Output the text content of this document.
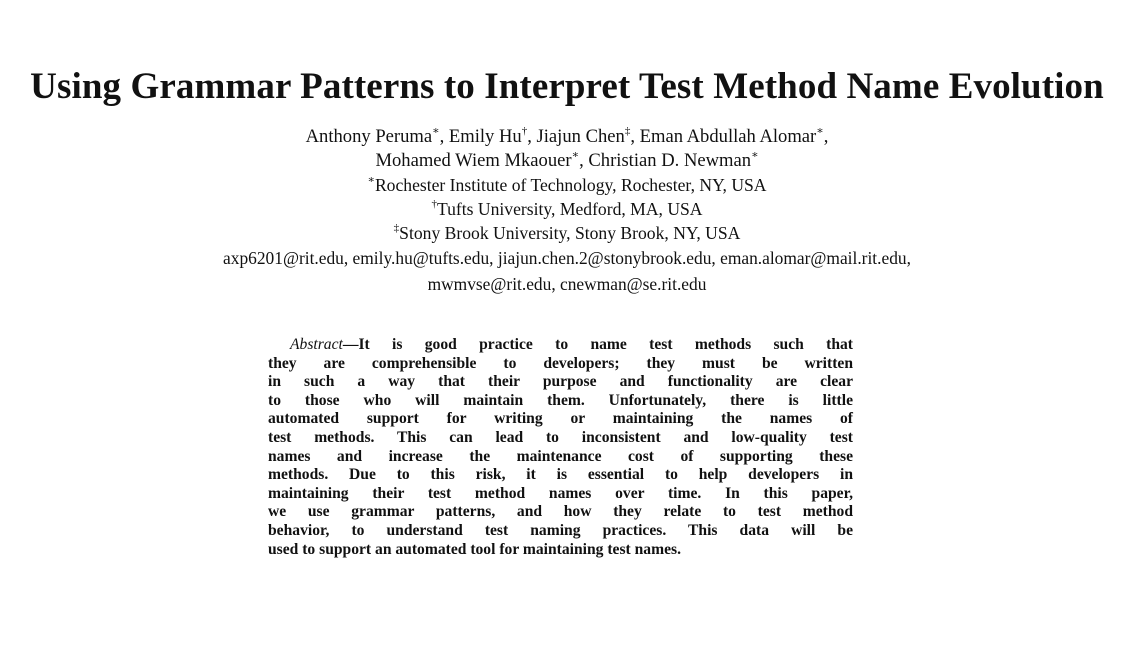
Using Grammar Patterns to Interpret Test Method Name Evolution
Anthony Peruma∗, Emily Hu†, Jiajun Chen‡, Eman Abdullah Alomar∗,
Mohamed Wiem Mkaouer∗, Christian D. Newman∗
∗Rochester Institute of Technology, Rochester, NY, USA
†Tufts University, Medford, MA, USA
‡Stony Brook University, Stony Brook, NY, USA
axp6201@rit.edu, emily.hu@tufts.edu, jiajun.chen.2@stonybrook.edu, eman.alomar@mail.rit.edu,
mwmvse@rit.edu, cnewman@se.rit.edu
Abstract—It is good practice to name test methods such that
they are comprehensible to developers; they must be written
in such a way that their purpose and functionality are clear
to those who will maintain them. Unfortunately, there is little
automated support for writing or maintaining the names of
test methods. This can lead to inconsistent and low-quality test
names and increase the maintenance cost of supporting these
methods. Due to this risk, it is essential to help developers in
maintaining their test method names over time. In this paper,
we use grammar patterns, and how they relate to test method
behavior, to understand test naming practices. This data will be
used to support an automated tool for maintaining test names.
